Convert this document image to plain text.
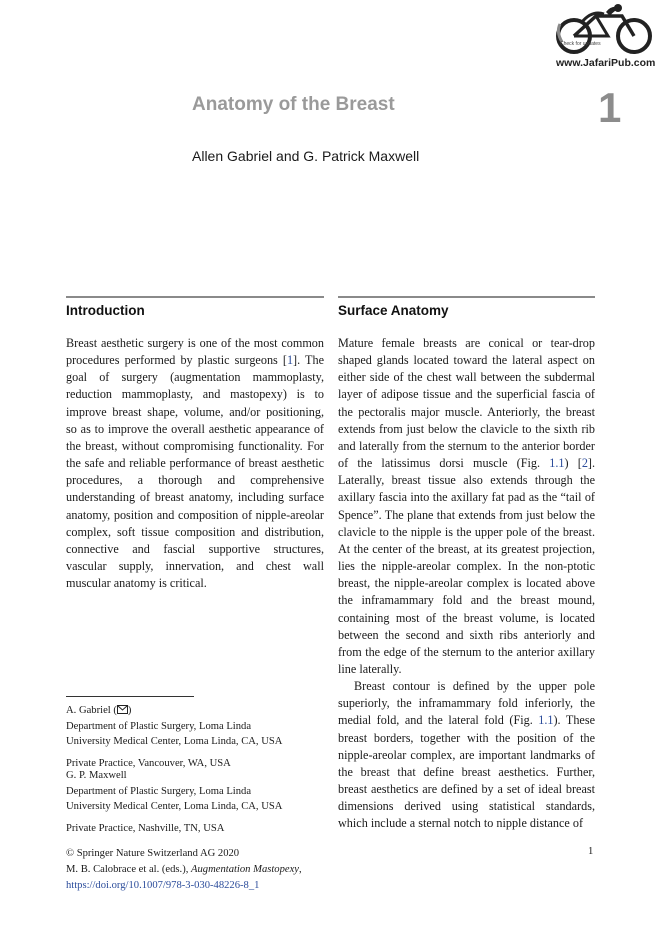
Check for updates
www.JafariPub.com
Anatomy of the Breast	1
Allen Gabriel and G. Patrick Maxwell
Introduction	Surface Anatomy

Breast aesthetic surgery is one of the most common procedures performed by plastic surgeons [1]. The goal of surgery (augmentation mammoplasty, reduction mammoplasty, and mastopexy) is to improve breast shape, volume, and/or positioning, so as to improve the overall aesthetic appearance of the breast, without compromising functionality. For the safe and reliable performance of breast aesthetic procedures, a thorough and comprehensive understanding of breast anatomy, including surface anatomy, position and composition of nipple-areolar complex, soft tissue composition and distribution, connective and fascial supportive structures, vascular supply, innervation, and chest wall muscular anatomy is critical.

Mature female breasts are conical or tear-drop shaped glands located toward the lateral aspect on either side of the chest wall between the subdermal layer of adipose tissue and the superficial fascia of the pectoralis major muscle. Anteriorly, the breast extends from just below the clavicle to the sixth rib and laterally from the sternum to the anterior border of the latissimus dorsi muscle (Fig. 1.1) [2]. Laterally, breast tissue also extends through the axillary fascia into the axillary fat pad as the “tail of Spence”. The plane that extends from just below the clavicle to the nipple is the upper pole of the breast. At the center of the breast, at its greatest projection, lies the nipple-areolar complex. In the non-ptotic breast, the nipple-areolar complex is located above the inframammary fold and the breast mound, containing most of the breast volume, is located between the second and sixth ribs anteriorly and from the edge of the sternum to the anterior axillary line laterally.

Breast contour is defined by the upper pole superiorly, the inframammary fold inferiorly, the medial fold, and the lateral fold (Fig. 1.1). These breast borders, together with the position of the nipple-areolar complex, are important landmarks of the breast that define breast aesthetics. Further, breast aesthetics are defined by a set of ideal breast dimensions derived using statistical standards, which include a sternal notch to nipple distance of

A. Gabriel ( )
Department of Plastic Surgery, Loma Linda
University Medical Center, Loma Linda, CA, USA
Private Practice, Vancouver, WA, USA
G. P. Maxwell
Department of Plastic Surgery, Loma Linda
University Medical Center, Loma Linda, CA, USA
Private Practice, Nashville, TN, USA
© Springer Nature Switzerland AG 2020
M. B. Calobrace et al. (eds.), Augmentation Mastopexy,
https://doi.org/10.1007/978-3-030-48226-8_1
1
